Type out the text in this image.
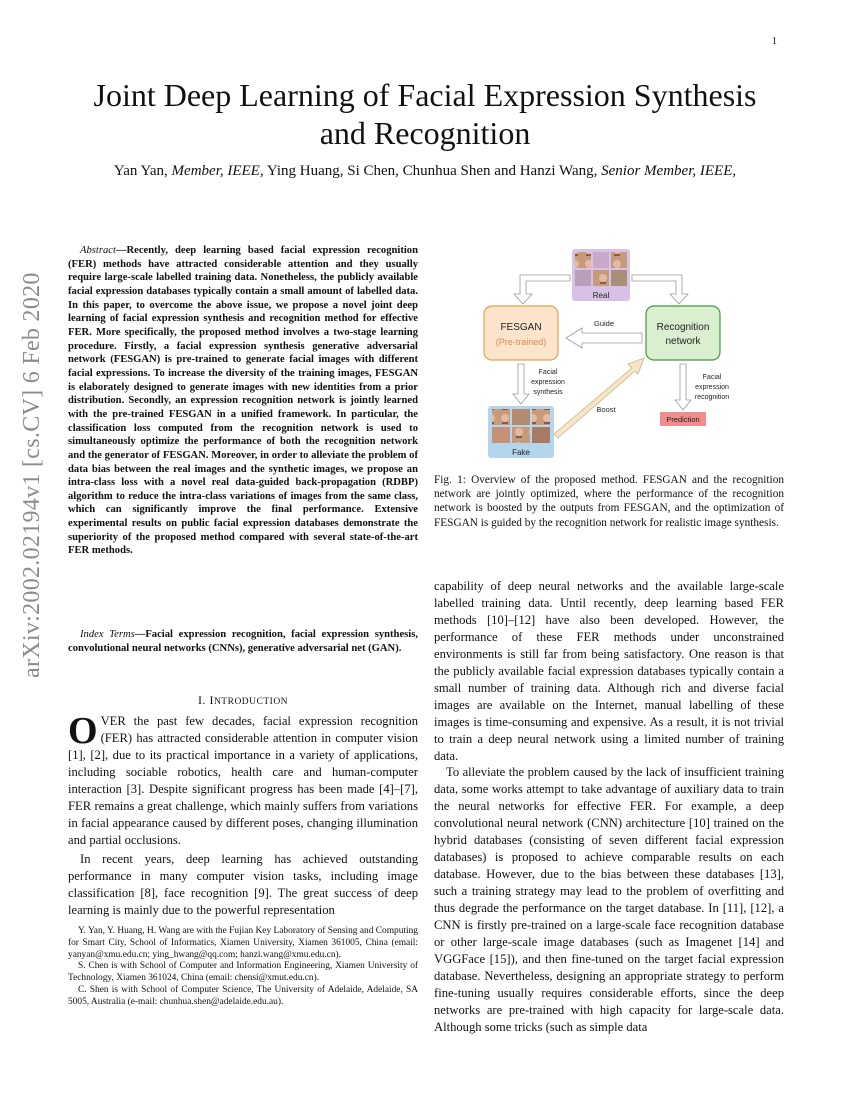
1
Joint Deep Learning of Facial Expression Synthesis
and Recognition
Yan Yan, Member, IEEE, Ying Huang, Si Chen, Chunhua Shen and Hanzi Wang, Senior Member, IEEE,
arXiv:2002.02194v1 [cs.CV] 6 Feb 2020
Abstract—Recently, deep learning based facial expression recognition (FER) methods have attracted considerable attention and they usually require large-scale labelled training data. Nonetheless, the publicly available facial expression databases typically contain a small amount of labelled data. In this paper, to overcome the above issue, we propose a novel joint deep learning of facial expression synthesis and recognition method for effective FER. More specifically, the proposed method involves a two-stage learning procedure. Firstly, a facial expression synthesis generative adversarial network (FESGAN) is pre-trained to generate facial images with different facial expressions. To increase the diversity of the training images, FESGAN is elaborately designed to generate images with new identities from a prior distribution. Secondly, an expression recognition network is jointly learned with the pre-trained FESGAN in a unified framework. In particular, the classification loss computed from the recognition network is used to simultaneously optimize the performance of both the recognition network and the generator of FESGAN. Moreover, in order to alleviate the problem of data bias between the real images and the synthetic images, we propose an intra-class loss with a novel real data-guided back-propagation (RDBP) algorithm to reduce the intra-class variations of images from the same class, which can significantly improve the final performance. Extensive experimental results on public facial expression databases demonstrate the superiority of the proposed method compared with several state-of-the-art FER methods.
Index Terms—Facial expression recognition, facial expression synthesis, convolutional neural networks (CNNs), generative adversarial net (GAN).
I. INTRODUCTION
OVER the past few decades, facial expression recognition (FER) has attracted considerable attention in computer vision [1], [2], due to its practical importance in a variety of applications, including sociable robotics, health care and human-computer interaction [3]. Despite significant progress has been made [4]–[7], FER remains a great challenge, which mainly suffers from variations in facial appearance caused by different poses, changing illumination and partial occlusions.
In recent years, deep learning has achieved outstanding performance in many computer vision tasks, including image classification [8], face recognition [9]. The great success of deep learning is mainly due to the powerful representation

Y. Yan, Y. Huang, H. Wang are with the Fujian Key Laboratory of Sensing and Computing for Smart City, School of Informatics, Xiamen University, Xiamen 361005, China (email: yanyan@xmu.edu.cn; ying_hwang@qq.com; hanzi.wang@xmu.edu.cn).

S. Chen is with School of Computer and Information Engineering, Xiamen University of Technology, Xiamen 361024, China (email: chensi@xmut.edu.cn).

C. Shen is with School of Computer Science, The University of Adelaide, Adelaide, SA 5005, Australia (e-mail: chunhua.shen@adelaide.edu.au).

Real
FESGAN
(Pre-trained)
Recognition
network
Guide
Facial
expression
synthesis
Facial
expression
recognition
Fake
Boost
Prediction
Fig. 1: Overview of the proposed method. FESGAN and the recognition network are jointly optimized, where the performance of the recognition network is boosted by the outputs from FESGAN, and the optimization of FESGAN is guided by the recognition network for realistic image synthesis.

capability of deep neural networks and the available large-scale labelled training data. Until recently, deep learning based FER methods [10]–[12] have also been developed. However, the performance of these FER methods under unconstrained environments is still far from being satisfactory. One reason is that the publicly available facial expression databases typically contain a small number of training data. Although rich and diverse facial images are available on the Internet, manual labelling of these images is time-consuming and expensive. As a result, it is not trivial to train a deep neural network using a limited number of training data.

To alleviate the problem caused by the lack of insufficient training data, some works attempt to take advantage of auxiliary data to train the neural networks for effective FER. For example, a deep convolutional neural network (CNN) architecture [10] trained on the hybrid databases (consisting of seven different facial expression databases) is proposed to achieve comparable results on each database. However, due to the bias between these databases [13], such a training strategy may lead to the problem of overfitting and thus degrade the performance on the target database. In [11], [12], a CNN is firstly pre-trained on a large-scale face recognition database or other large-scale image databases (such as Imagenet [14] and VGGFace [15]), and then fine-tuned on the target facial expression database. Nevertheless, designing an appropriate strategy to perform fine-tuning usually requires considerable efforts, since the deep networks are pre-trained with high capacity for large-scale data. Although some tricks (such as simple data
